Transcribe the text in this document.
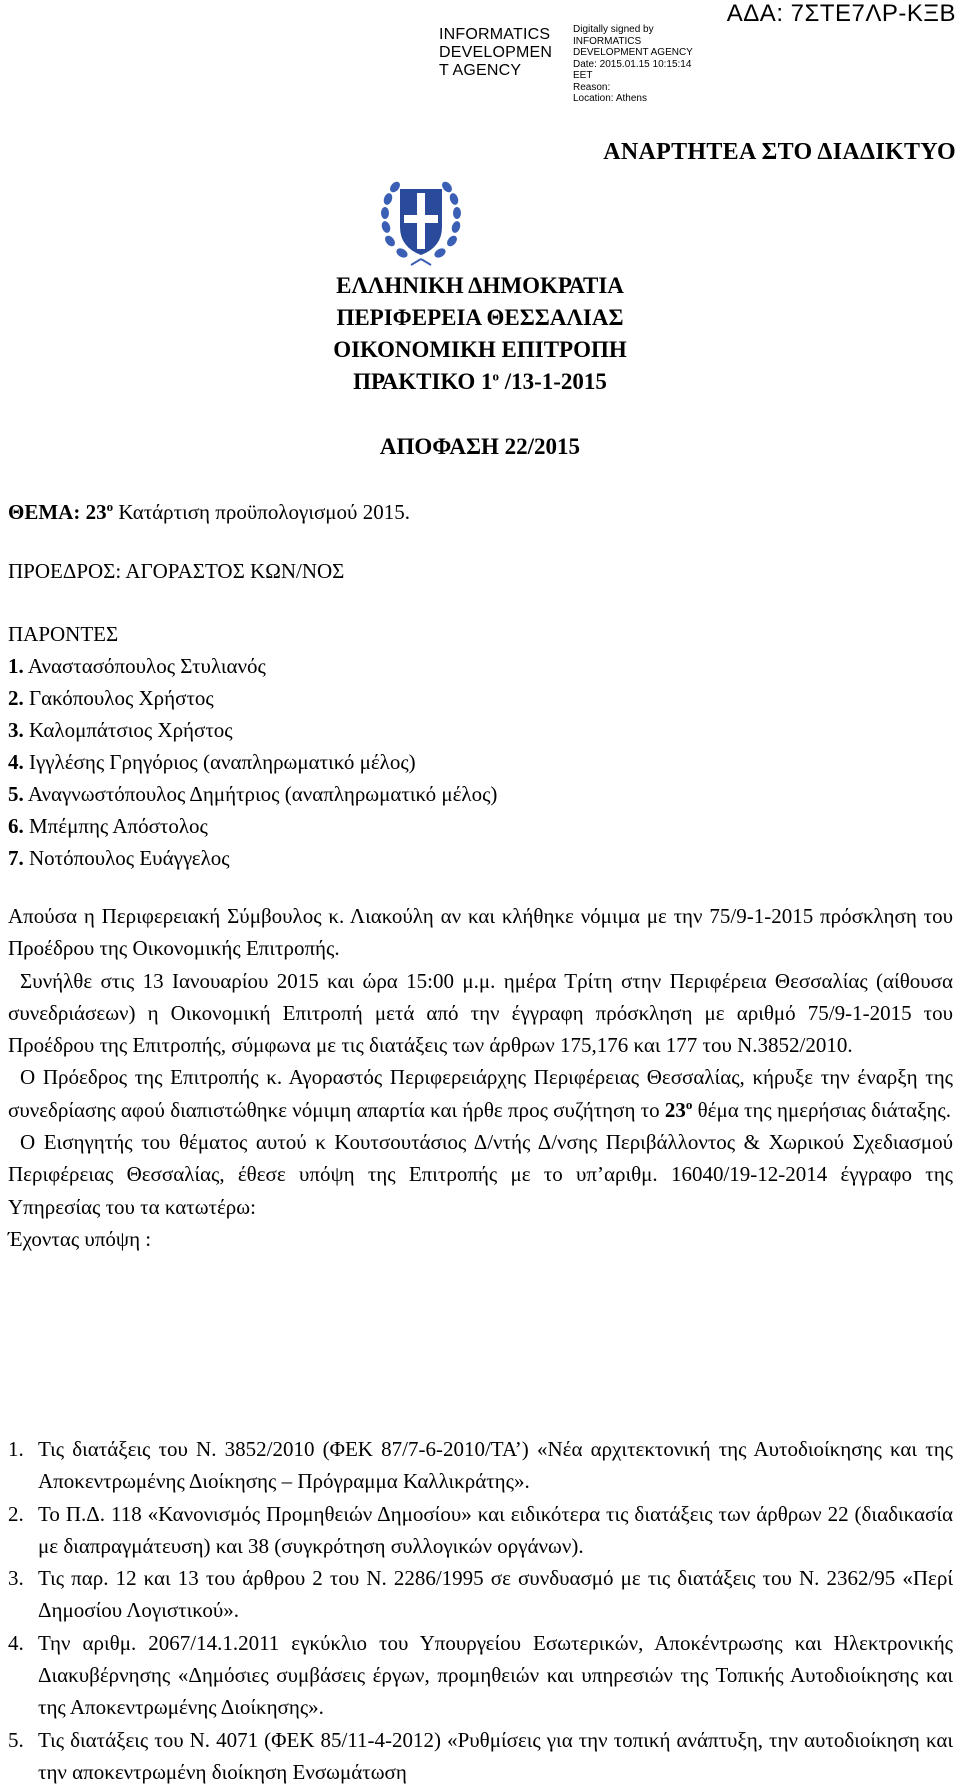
INFORMATICS
DEVELOPMEN
T AGENCY
Digitally signed by
INFORMATICS
DEVELOPMENT AGENCY
Date: 2015.01.15 10:15:14
EET
Reason:
Location: Athens
ΑΔΑ: 7ΣΤΕ7ΛΡ-ΚΞΒ
ΑΝΑΡΤΗΤΕΑ ΣΤΟ ΔΙΑΔΙΚΤΥΟ
ΕΛΛΗΝΙΚΗ ΔΗΜΟΚΡΑΤΙΑ
ΠΕΡΙΦΕΡΕΙΑ ΘΕΣΣΑΛΙΑΣ
ΟΙΚΟΝΟΜΙΚΗ ΕΠΙΤΡΟΠΗ
ΠΡΑΚΤΙΚΟ $1^o$ /13-1-2015
ΑΠΟΦΑΣΗ 22/2015
ΘΕΜΑ: $23^o$ Κατάρτιση προϋπολογισμού 2015.
ΠΡΟΕΔΡΟΣ: ΑΓΟΡΑΣΤΟΣ ΚΩΝ/ΝΟΣ
ΠΑΡΟΝΤΕΣ
1. Αναστασόπουλος Στυλιανός
2. Γακόπουλος Χρήστος
3. Καλομπάτσιος Χρήστος
4. Ιγγλέσης Γρηγόριος (αναπληρωματικό μέλος)
5. Αναγνωστόπουλος Δημήτριος (αναπληρωματικό μέλος)
6. Μπέμπης Απόστολος
7. Νοτόπουλος Ευάγγελος

Απούσα η Περιφερειακή Σύμβουλος κ. Λιακούλη αν και κλήθηκε νόμιμα με την 75/9-1-2015 πρόσκληση του Προέδρου της Οικονομικής Επιτροπής.

Συνήλθε στις 13 Ιανουαρίου 2015 και ώρα 15:00 μ.μ. ημέρα Τρίτη στην Περιφέρεια Θεσσαλίας (αίθουσα συνεδριάσεων) η Οικονομική Επιτροπή μετά από την έγγραφη πρόσκληση με αριθμό 75/9-1-2015 του Προέδρου της Επιτροπής, σύμφωνα με τις διατάξεις των άρθρων 175,176 και 177 του Ν.3852/2010.

Ο Πρόεδρος της Επιτροπής κ. Αγοραστός Περιφερειάρχης Περιφέρειας Θεσσαλίας, κήρυξε την έναρξη της συνεδρίασης αφού διαπιστώθηκε νόμιμη απαρτία και ήρθε προς συζήτηση το $23^o$ θέμα της ημερήσιας διάταξης.

Ο Εισηγητής του θέματος αυτού κ Κουτσουτάσιος Δ/ντής Δ/νσης Περιβάλλοντος & Χωρικού Σχεδιασμού Περιφέρειας Θεσσαλίας, έθεσε υπόψη της Επιτροπής με το υπ’αριθμ. 16040/19-12-2014 έγγραφο της Υπηρεσίας του τα κατωτέρω:

Έχοντας υπόψη :

1. Τις διατάξεις του Ν. 3852/2010 (ΦΕΚ 87/7-6-2010/ΤΑ’) «Νέα αρχιτεκτονική της Αυτοδιοίκησης και της Αποκεντρωμένης Διοίκησης – Πρόγραμμα Καλλικράτης».
2. Το Π.Δ. 118 «Κανονισμός Προμηθειών Δημοσίου» και ειδικότερα τις διατάξεις των άρθρων 22 (διαδικασία με διαπραγμάτευση) και 38 (συγκρότηση συλλογικών οργάνων).
3. Τις παρ. 12 και 13 του άρθρου 2 του Ν. 2286/1995 σε συνδυασμό με τις διατάξεις του Ν. 2362/95 «Περί Δημοσίου Λογιστικού».
4. Την αριθμ. 2067/14.1.2011 εγκύκλιο του Υπουργείου Εσωτερικών, Αποκέντρωσης και Ηλεκτρονικής Διακυβέρνησης «Δημόσιες συμβάσεις έργων, προμηθειών και υπηρεσιών της Τοπικής Αυτοδιοίκησης και της Αποκεντρωμένης Διοίκησης».
5. Τις διατάξεις του Ν. 4071 (ΦΕΚ 85/11-4-2012) «Ρυθμίσεις για την τοπική ανάπτυξη, την αυτοδιοίκηση και την αποκεντρωμένη διοίκηση Ενσωμάτωση
